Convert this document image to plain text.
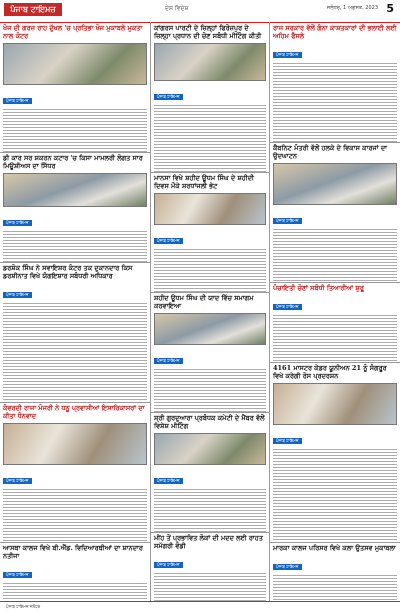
ਪੰਜਾਬ ਟਾਇਮਜ਼	ਦੇਸ਼ ਵਿਦੇਸ਼	ਜਲੰਧਰ, 1 ਅਗਸਤ, 2023 5
ਖੋਜ ਦੀ ਗਰਜ਼ ਰਾਹ ਦੁੱਖਲ 'ਚ ਪ੍ਰਤਿਭਾ ਖੋਜ ਮੁਕਾਬਲੇ ਮੁਕਤਾ ਨਾਲ ਕੋਟਰ
ਪੰਜਾਬ ਟਾਇਮਜ਼
ਡੀ ਕਾਰ ਸਰ ਸ਼ਕਰਨ ਕਟਾਰ 'ਚ ਕਿਸਾ ਮਾਮਲਰੀ ਲੋਗਤ ਸਾਰ ਮਿਊਸ਼ੀਅਸ ਦਾ ਸਿੱਧਰ
ਪੰਜਾਬ ਟਾਇਮਜ਼
ਡਰਸ਼ੋਕ ਸਿੰਘ ਨੇ ਸਵਾਇਸ਼ਰ ਕੰਟਰ ਤਕ ਦੁਕਾਨਦਾਰ ਕਿਸ ਡਰਸ਼ੀਨਾਤ ਵਿਖੇ ਯੰਗਇਸ਼ਾਰ ਸਬੰਧਰੀ ਅਧਿਕਾਰ
ਪੰਜਾਬ ਟਾਇਮਜ਼
ਕੰਵਰਦੀ ਰਾਜਾ ਮੰਜਰੀ ਨੇ ਧਨੂ ਪ੍ਰਵਾਸੀਆਂ ਇਸਾਰਿਕਾਸਰਾਂ ਦਾ ਕੀਤਾ ਧੰਨਵਾਦ
ਪੰਜਾਬ ਟਾਇਮਜ਼
ਆਸਥਾ ਕਾਲਜ ਵਿਖੇ ਬੀ.ਐੱਡ. ਵਿਦਿਆਰਥੀਆਂ ਦਾ ਸ਼ਾਨਦਾਰ ਨਤੀਜਾ
ਪੰਜਾਬ ਟਾਇਮਜ਼
ਕਾਂਗਰਸ ਪਾਰਟੀ ਦੇ ਜ਼ਿਲ੍ਹਾਂ ਫਿਰੋਜ਼ਪੁਰ ਦੇ ਜ਼ਿਲ੍ਹਾ ਪ੍ਰਧਾਨ ਦੀ ਚੋਣ ਸਬੰਧੀ ਮੀਟਿੰਗ ਕੀਤੀ
ਪੰਜਾਬ ਟਾਇਮਜ਼
ਮਾਨਸਾ ਵਿਖੇ ਸ਼ਹੀਦ ਊਧਮ ਸਿੰਘ ਦੇ ਸ਼ਹੀਦੀ ਦਿਵਸ ਮੌਕੇ ਸ਼ਰਧਾਂਜਲੀ ਭੇਟ
ਪੰਜਾਬ ਟਾਇਮਜ਼
ਸ਼ਹੀਦ ਊਧਮ ਸਿੰਘ ਦੀ ਯਾਦ ਵਿੱਚ ਸਮਾਗਮ ਕਰਵਾਇਆ
ਪੰਜਾਬ ਟਾਇਮਜ਼
ਸ਼੍ਰੀ ਗੁਰਦੁਆਰਾ ਪ੍ਰਬੰਧਕ ਕਮੇਟੀ ਦੇ ਮੈਂਬਰ ਵੱਲੋਂ ਵਿਸ਼ੇਸ਼ ਮੀਟਿੰਗ
ਪੰਜਾਬ ਟਾਇਮਜ਼
ਮੀਂਹ ਤੋਂ ਪ੍ਰਭਾਵਿਤ ਲੋਕਾਂ ਦੀ ਮਦਦ ਲਈ ਰਾਹਤ ਸਮੱਗਰੀ ਵੰਡੀ
ਪੰਜਾਬ ਟਾਇਮਜ਼
ਰਾਜ ਸਰਕਾਰ ਵੱਲੋਂ ਗੰਨਾ ਕਾਸ਼ਤਕਾਰਾਂ ਦੀ ਭਲਾਈ ਲਈ ਅਹਿਮ ਫੈਸਲੇ
ਪੰਜਾਬ ਟਾਇਮਜ਼
ਕੈਬਨਿਟ ਮੰਤਰੀ ਵੱਲੋਂ ਹਲਕੇ ਦੇ ਵਿਕਾਸ ਕਾਰਜਾਂ ਦਾ ਉਦਘਾਟਨ
ਪੰਜਾਬ ਟਾਇਮਜ਼
ਪੰਚਾਇਤੀ ਚੋਣਾਂ ਸਬੰਧੀ ਤਿਆਰੀਆਂ ਸ਼ੁਰੂ
ਪੰਜਾਬ ਟਾਇਮਜ਼
4161 ਮਾਸਟਰ ਕੇਡਰ ਯੂਨੀਅਨ 21 ਨੂੰ ਸੰਗਰੂਰ ਵਿਖੇ ਕਰੇਗੀ ਰੋਸ ਪ੍ਰਦਰਸ਼ਨ
ਪੰਜਾਬ ਟਾਇਮਜ਼
ਮਾਰਕਾ ਕਾਲਜ ਪਰਿਸਰ ਵਿਖੇ ਕਲਾ ਉਤਸਵ ਮੁਕਾਬਲਾ
ਪੰਜਾਬ ਟਾਇਮਜ਼
ਪੰਜਾਬ ਟਾਇਮਜ਼ ਜਲੰਧਰ
